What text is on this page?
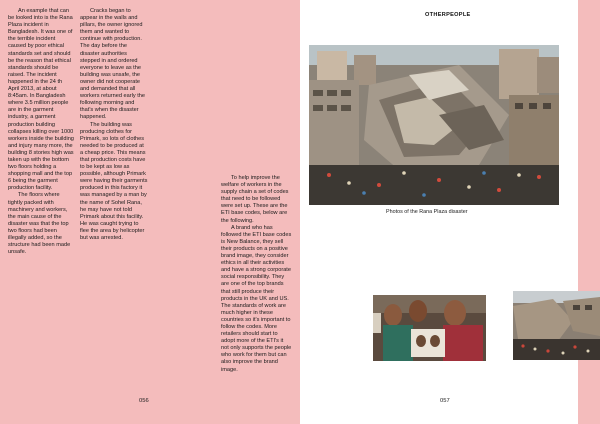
An example that can be looked into is the Rana Plaza incident in Bangladesh. It was one of the terrible incident caused by poor ethical standards set and should be the reason that ethical standards should be raised. The incident happened in the 24 th April 2013, at about 8:45am. In Bangladesh where 3.5 million people are in the garment industry, a garment production building collapses killing over 1000 workers inside the building and injury many more, the building 8 stories high was taken up with the bottom two floors holding a shopping mall and the top 6 being the garment production facility.

The floors where tightly packed with machinery and workers, the main cause of the disaster was that the top two floors had been illegally added, so the structure had been made unsafe.

Cracks began to appear in the walls and pillars, the owner ignored them and wanted to continue with production. The day before the disaster authorities stepped in and ordered everyone to leave as the building was unsafe, the owner did not cooperate and demanded that all workers returned early the following morning and that's when the disaster happened.

The building was producing clothes for Primark, so lots of clothes needed to be produced at a cheap price. This means that production costs have to be kept as low as possible, although Primark were having their garments produced in this factory it was managed by a man by the name of Sohel Rana, he may have not told Primark about this facility. He was caught trying to flee the area by helicopter but was arrested.

To help improve the welfare of workers in the supply chain a set of codes that need to be followed were set up. These are the ETI base codes, below are the following.

A brand who has followed the ETI base codes is New Balance, they sell their products on a positive brand image, they consider ethics in all their activities and have a strong corporate social responsibility. They are one of the top brands that still produce their products in the UK and US. The standards of work are much higher in these countries so it's important to follow the codes. More retailers should start to adopt more of the ETI's it not only supports the people who work for them but can also improve the brand image.

056
OTHERPEOPLE
Photos of the Rana Plaza disaster
057
